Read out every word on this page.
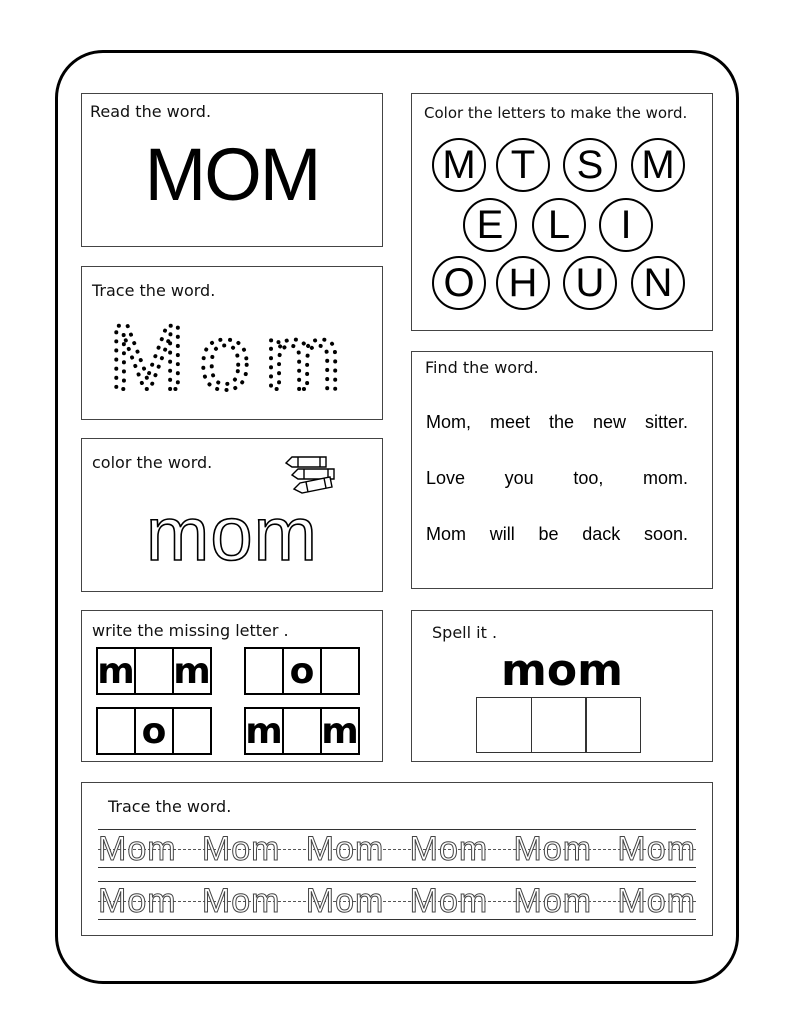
Read the word.
MOM
Color the letters to make the word.
M T	S M
E	L	I
O H U N
Trace the word.
Mom	Find the word.
Mom, meet the new sitter.
Love you too, mom.
Mom will be dack soon.
color the word.
mom
write the missing letter .
m m o
o m m
Spell it .
mom
Trace the word.
Mom Mom Mom Mom Mom Mom
Mom Mom Mom Mom Mom Mom
